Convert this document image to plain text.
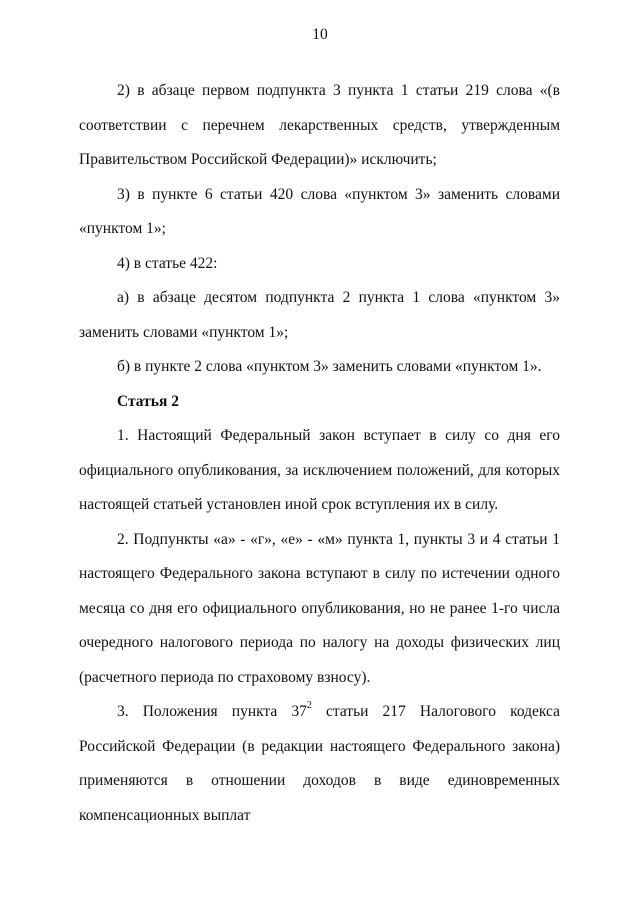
10

2) в абзаце первом подпункта 3 пункта 1 статьи 219 слова «(в соответствии с перечнем лекарственных средств, утвержденным Правительством Российской Федерации)» исключить;

3) в пункте 6 статьи 420 слова «пунктом 3» заменить словами «пунктом 1»;

4) в статье 422:

а) в абзаце десятом подпункта 2 пункта 1 слова «пунктом 3» заменить словами «пунктом 1»;

б) в пункте 2 слова «пунктом 3» заменить словами «пунктом 1».

Статья 2

1. Настоящий Федеральный закон вступает в силу со дня его официального опубликования, за исключением положений, для которых настоящей статьей установлен иной срок вступления их в силу.

2. Подпункты «а» - «г», «е» - «м» пункта 1, пункты 3 и 4 статьи 1 настоящего Федерального закона вступают в силу по истечении одного месяца со дня его официального опубликования, но не ранее 1-го числа очередного налогового периода по налогу на доходы физических лиц (расчетного периода по страховому взносу).

3. Положения пункта $37^2$ статьи 217 Налогового кодекса Российской Федерации (в редакции настоящего Федерального закона) применяются в отношении доходов в виде единовременных компенсационных выплат
